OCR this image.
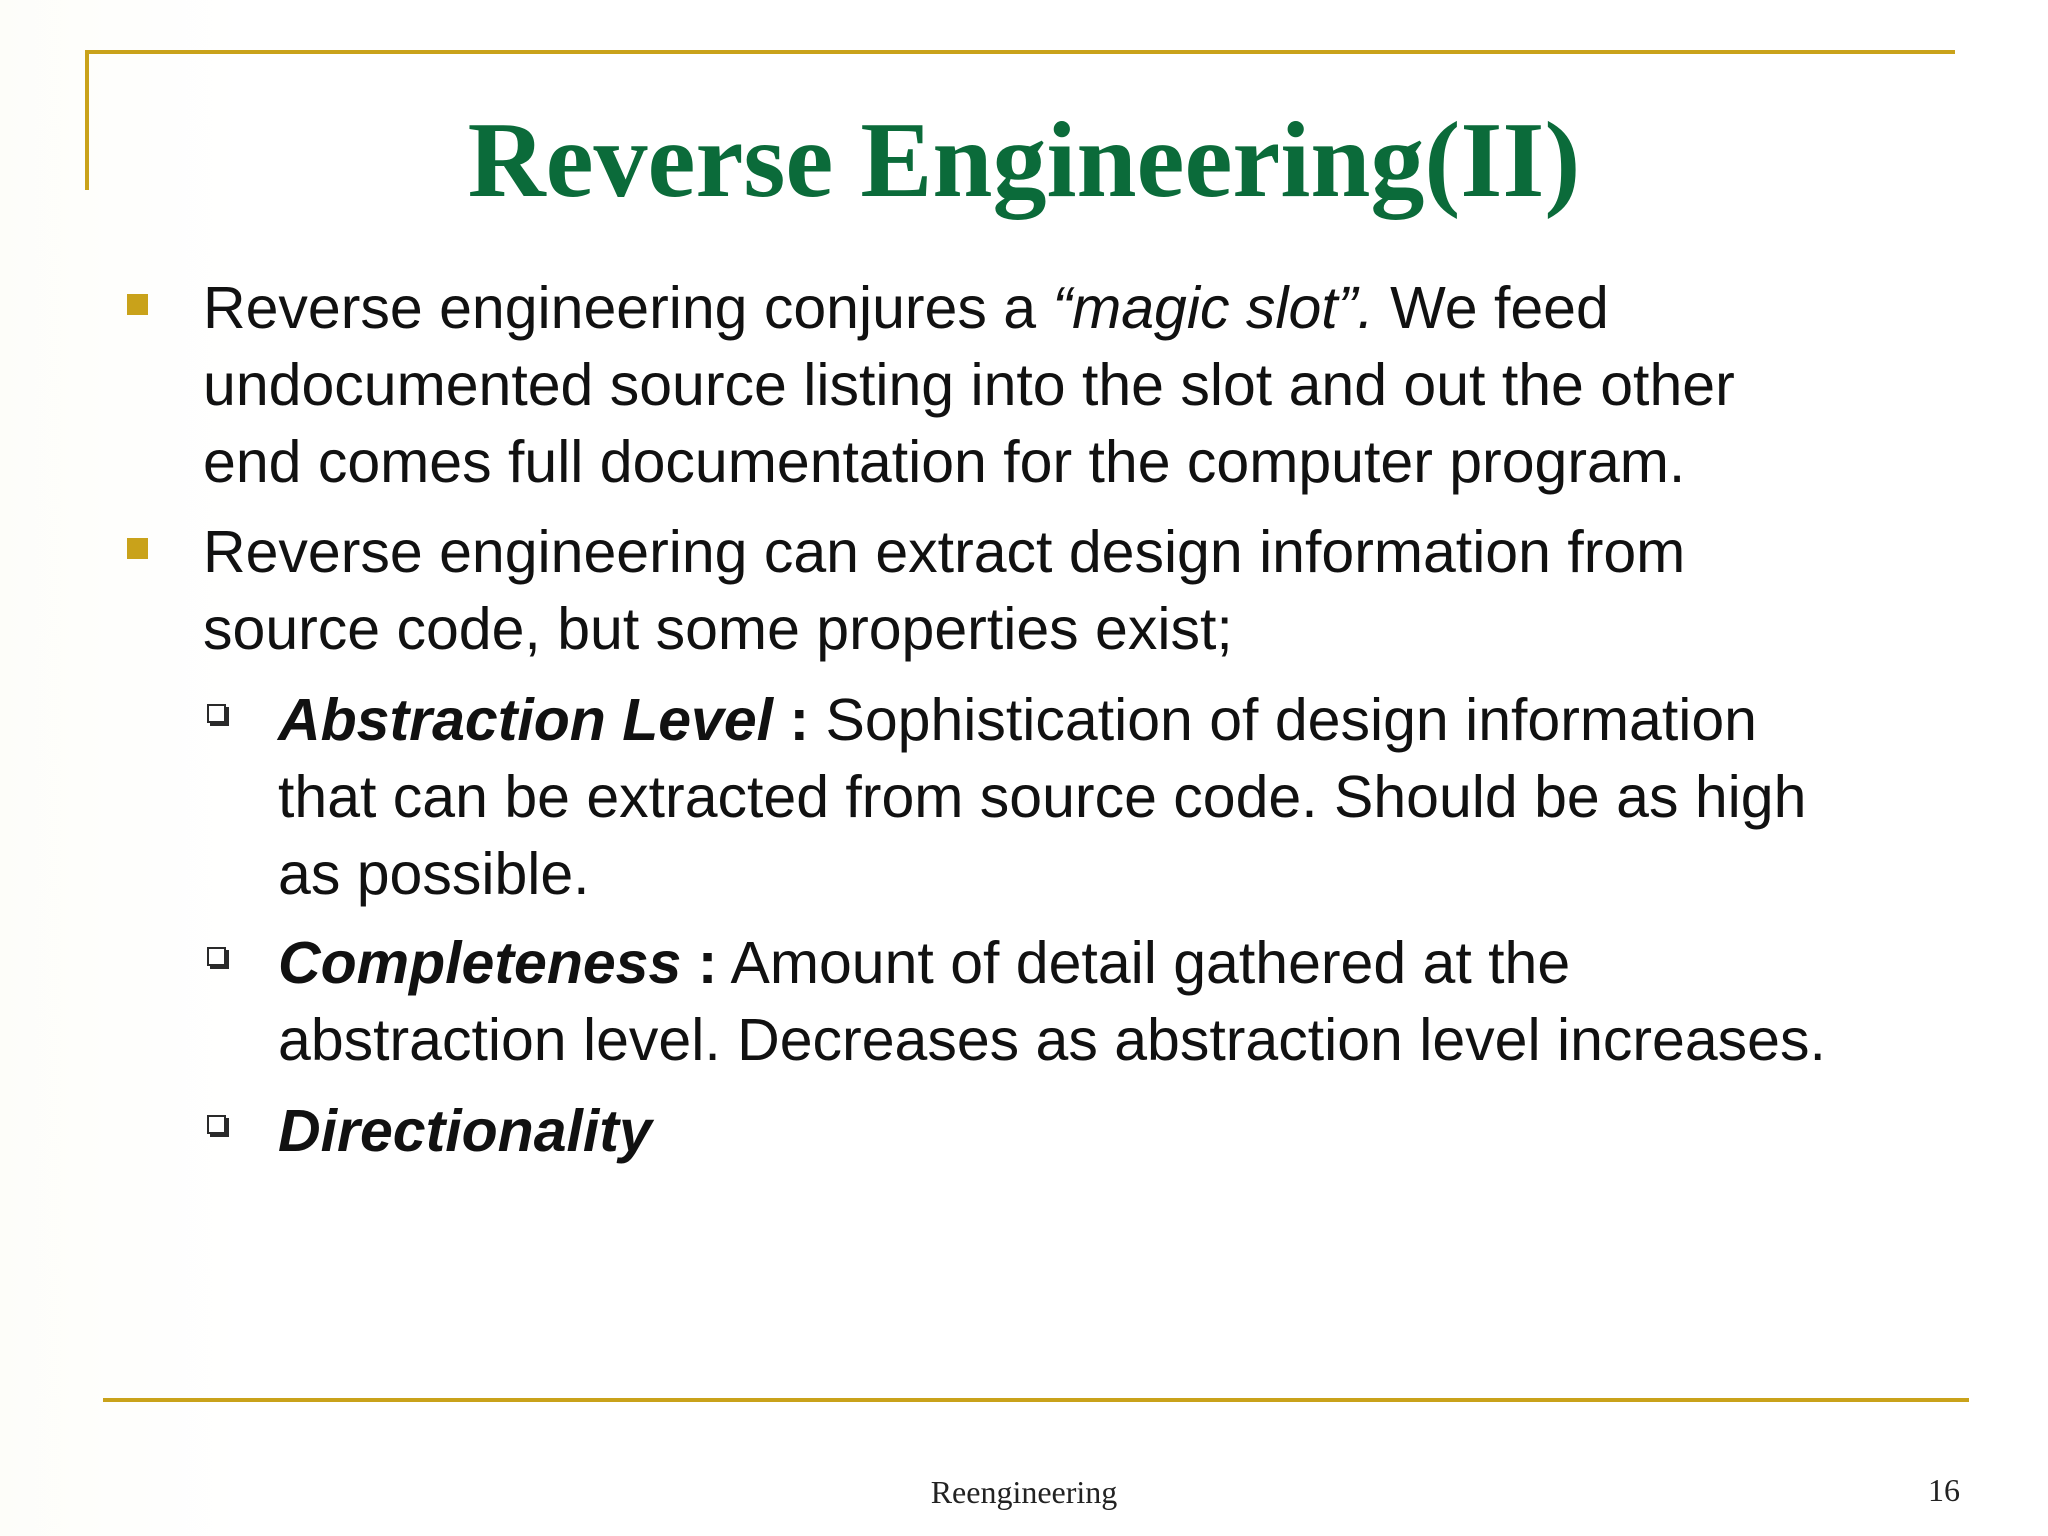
Reverse Engineering(II)
Reverse engineering conjures a “magic slot”. We feed
undocumented source listing into the slot and out the other
end comes full documentation for the computer program.
Reverse engineering can extract design information from
source code, but some properties exist;
Abstraction Level : Sophistication of design information
that can be extracted from source code. Should be as high
as possible.
Completeness : Amount of detail gathered at the
abstraction level. Decreases as abstraction level increases.
Directionality
Reengineering	16
